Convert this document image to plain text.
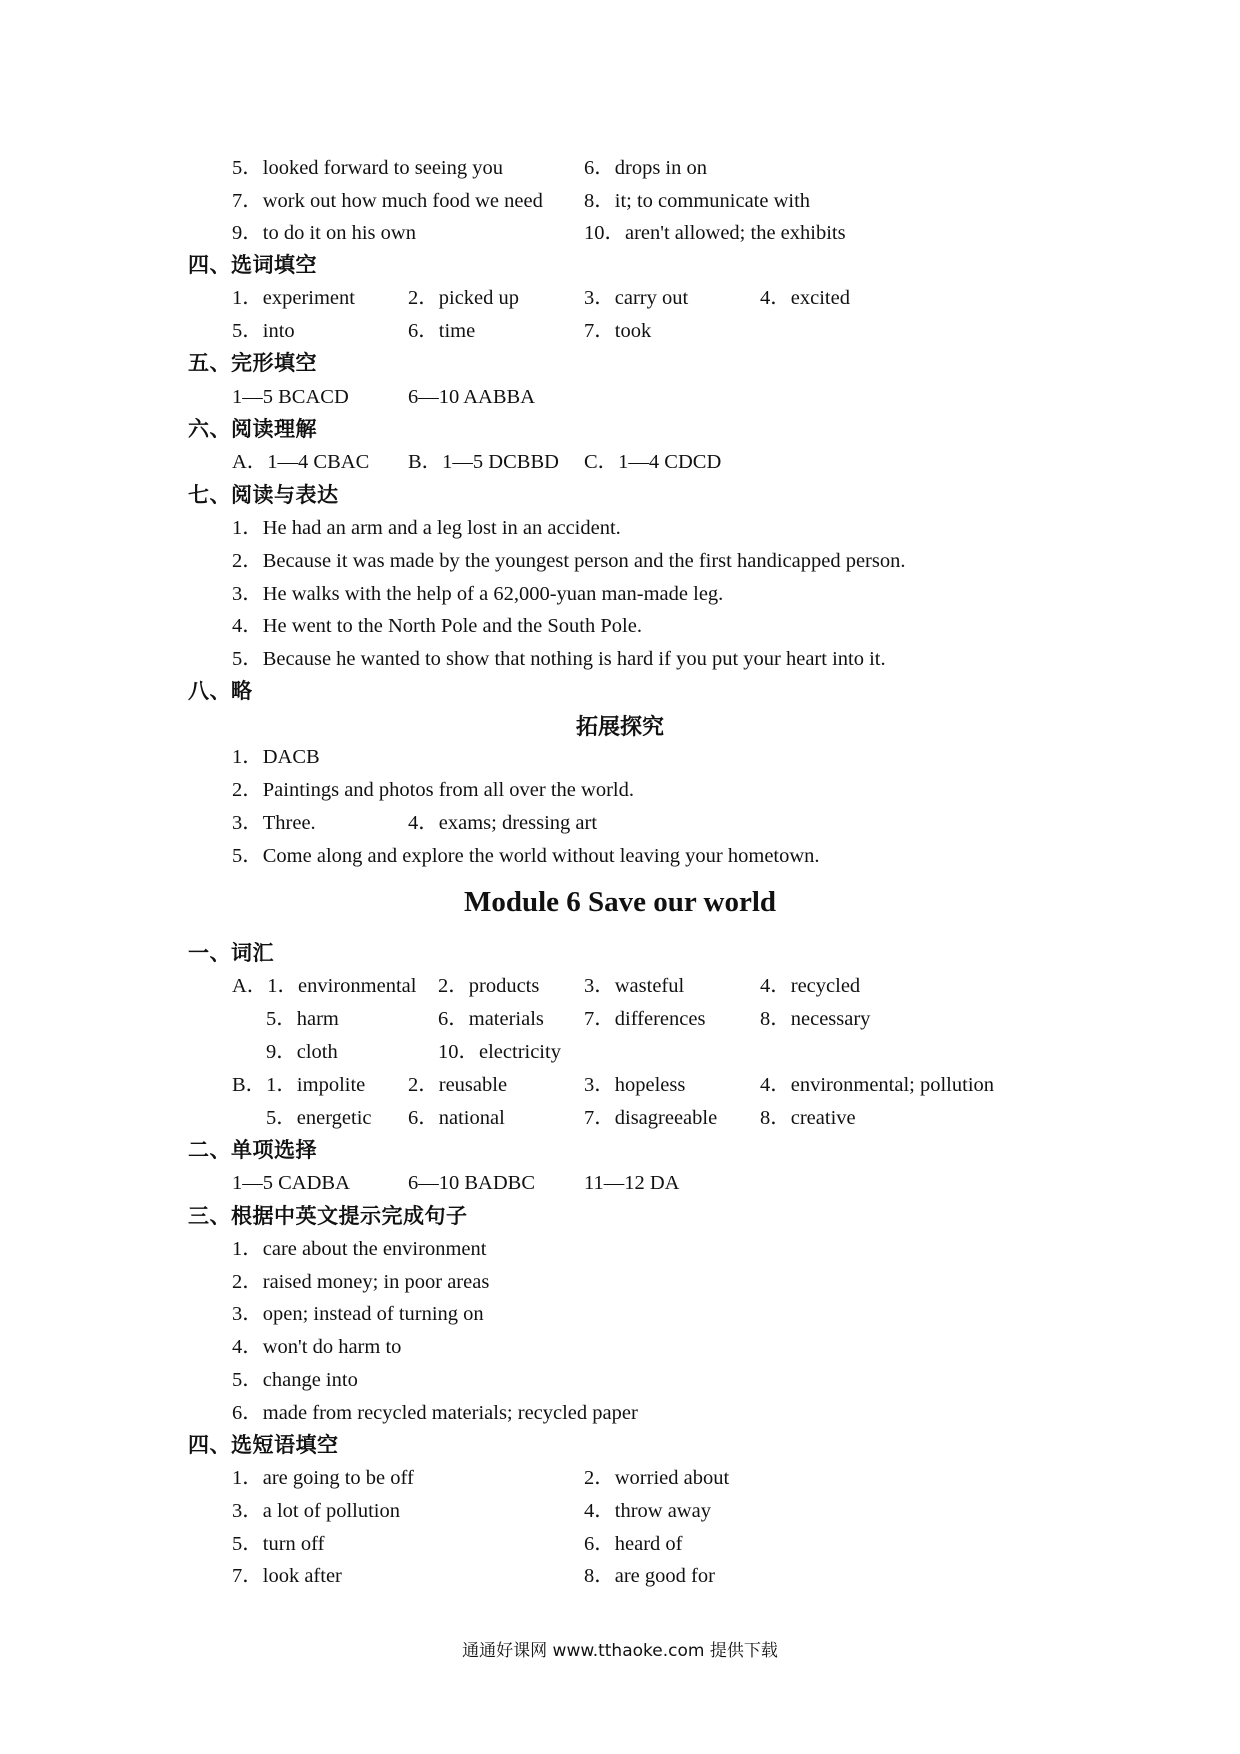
5．looked forward to seeing you	6．drops in on
7．work out how much food we need 8．it; to communicate with
9．to do it on his own	10．aren't allowed; the exhibits
四、选词填空
1．experiment	2．picked up	3．carry out	4．excited
5．into	6．time	7．took
五、完形填空
1—5 BCACD	6—10 AABBA
六、阅读理解
A．1—4 CBAC B．1—5 DCBBD C．1—4 CDCD
七、阅读与表达
1．He had an arm and a leg lost in an accident.
2．Because it was made by the youngest person and the first handicapped person.
3．He walks with the help of a 62,000-yuan man-made leg.
4．He went to the North Pole and the South Pole.
5．Because he wanted to show that nothing is hard if you put your heart into it.
八、略
拓展探究
1．DACB
2．Paintings and photos from all over the world.
3．Three.	4．exams; dressing art
5．Come along and explore the world without leaving your hometown.
Module 6 Save our world
一、词汇
A．1．environmental 2．products 3．wasteful	4．recycled
5．harm	6．materials 7．differences	8．necessary
9．cloth	10．electricity
B．1．impolite 2．reusable	3．hopeless	4．environmental; pollution
5．energetic 6．national	7．disagreeable 8．creative
二、单项选择
1—5 CADBA	6—10 BADBC 11—12 DA
三、根据中英文提示完成句子
1．care about the environment
2．raised money; in poor areas
3．open; instead of turning on
4．won't do harm to
5．change into
6．made from recycled materials; recycled paper
四、选短语填空
1．are going to be off	2．worried about
3．a lot of pollution	4．throw away
5．turn off	6．heard of
7．look after	8．are good for
通通好课网 www.tthaoke.com 提供下载
